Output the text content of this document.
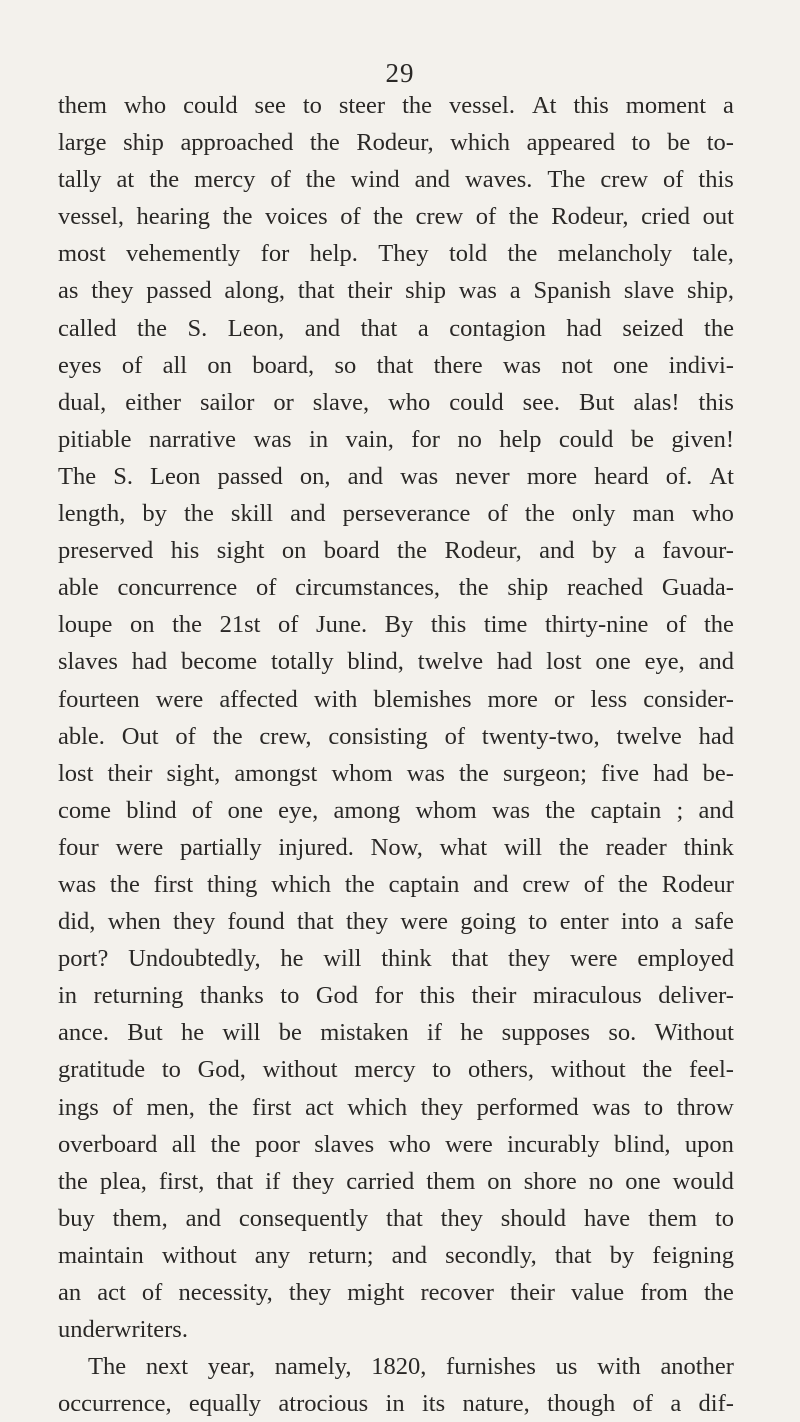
29
them who could see to steer the vessel. At this moment a
large ship approached the Rodeur, which appeared to be to-
tally at the mercy of the wind and waves. The crew of this
vessel, hearing the voices of the crew of the Rodeur, cried out
most vehemently for help. They told the melancholy tale,
as they passed along, that their ship was a Spanish slave ship,
called the S. Leon, and that a contagion had seized the
eyes of all on board, so that there was not one indivi-
dual, either sailor or slave, who could see. But alas! this
pitiable narrative was in vain, for no help could be given!
The S. Leon passed on, and was never more heard of. At
length, by the skill and perseverance of the only man who
preserved his sight on board the Rodeur, and by a favour-
able concurrence of circumstances, the ship reached Guada-
loupe on the 21st of June. By this time thirty-nine of the
slaves had become totally blind, twelve had lost one eye, and
fourteen were affected with blemishes more or less consider-
able. Out of the crew, consisting of twenty-two, twelve had
lost their sight, amongst whom was the surgeon; five had be-
come blind of one eye, among whom was the captain ; and
four were partially injured. Now, what will the reader think
was the first thing which the captain and crew of the Rodeur
did, when they found that they were going to enter into a safe
port? Undoubtedly, he will think that they were employed
in returning thanks to God for this their miraculous deliver-
ance. But he will be mistaken if he supposes so. Without
gratitude to God, without mercy to others, without the feel-
ings of men, the first act which they performed was to throw
overboard all the poor slaves who were incurably blind, upon
the plea, first, that if they carried them on shore no one would
buy them, and consequently that they should have them to
maintain without any return; and secondly, that by feigning
an act of necessity, they might recover their value from the
underwriters.
The next year, namely, 1820, furnishes us with another
occurrence, equally atrocious in its nature, though of a dif-
